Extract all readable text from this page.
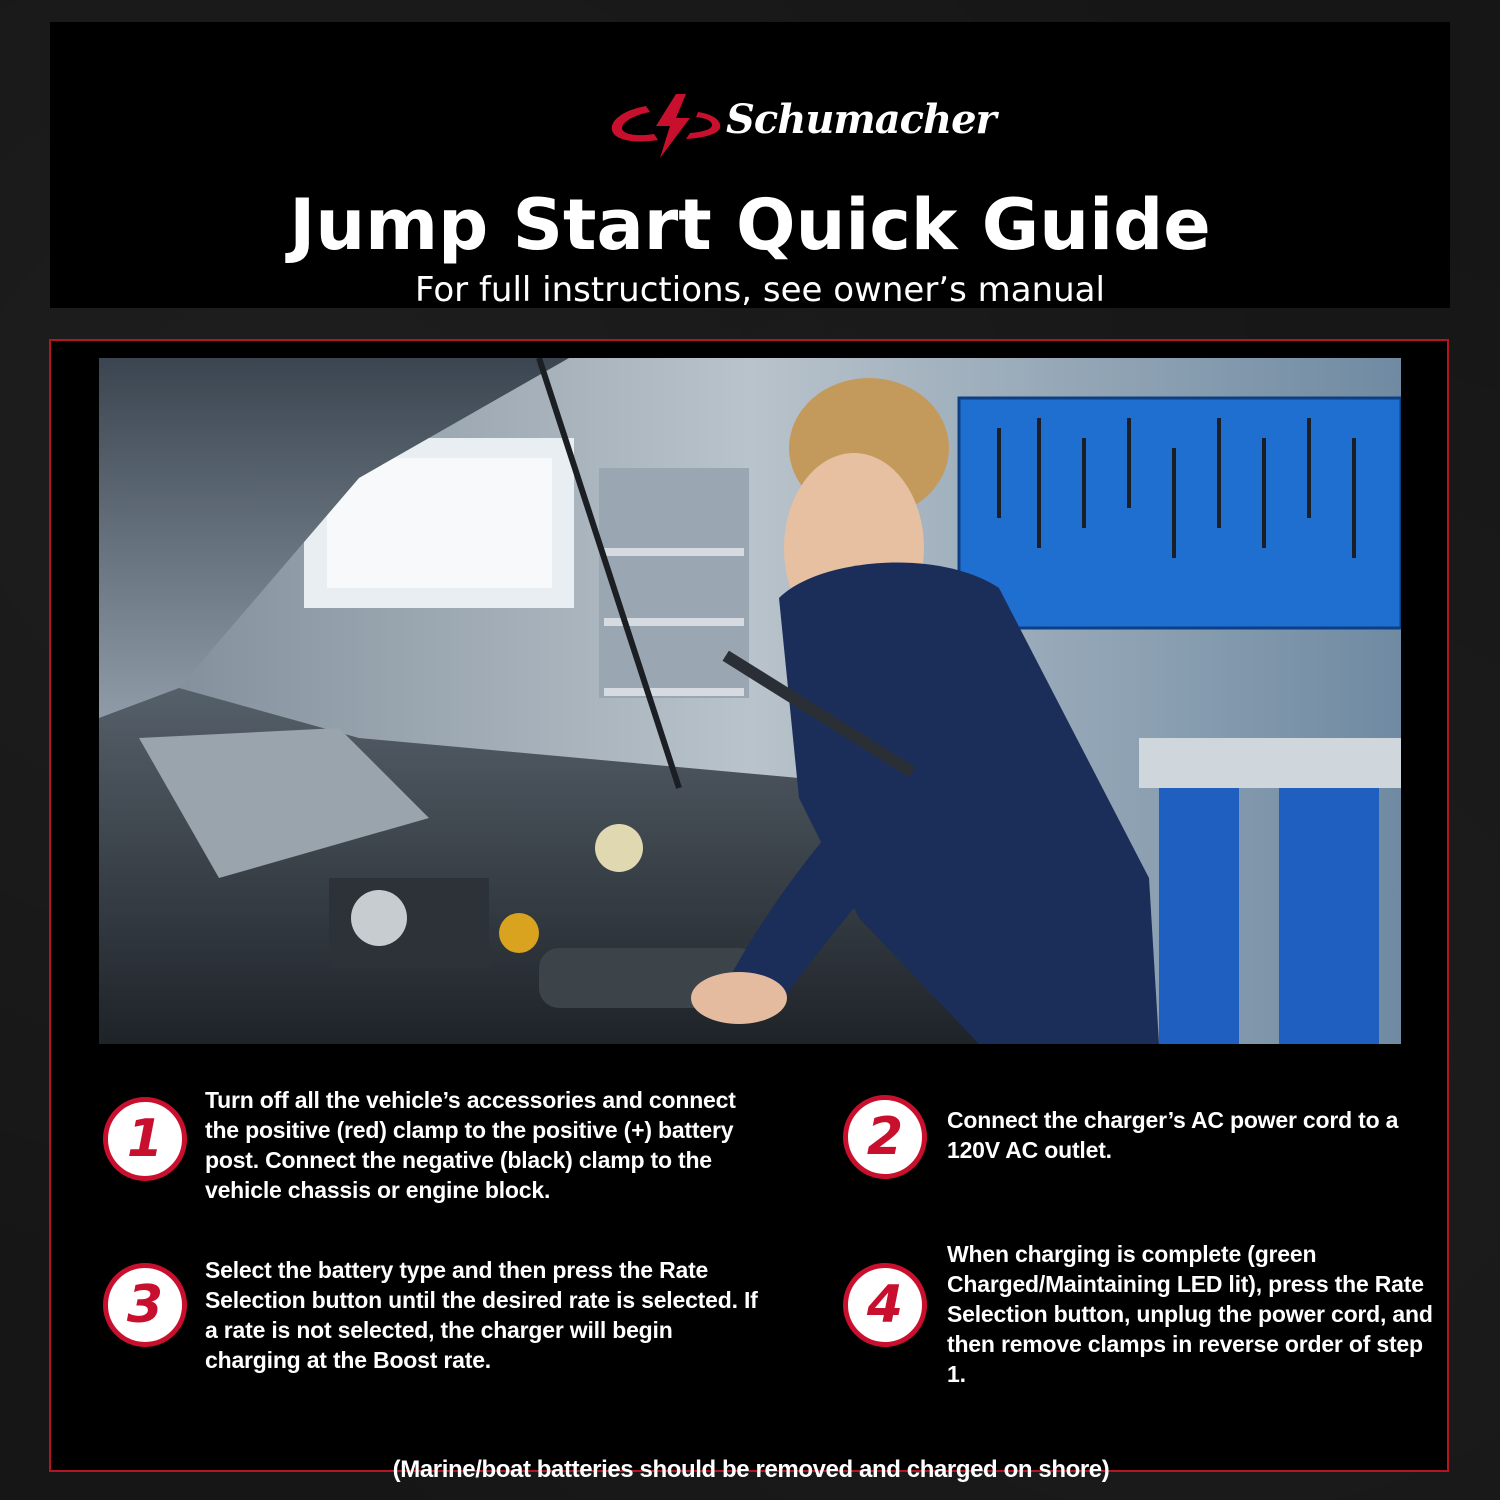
Schumacher
Jump Start Quick Guide
For full instructions, see owner’s manual
1
Turn off all the vehicle’s accessories and connect the positive (red) clamp to the positive (+) battery post. Connect the negative (black) clamp to the vehicle chassis or engine block.
2	Connect the charger’s AC power cord to a 120V AC outlet.
3
Select the battery type and then press the Rate Selection button until the desired rate is selected. If a rate is not selected, the charger will begin charging at the Boost rate.
4
When charging is complete (green Charged/Maintaining LED lit), press the Rate Selection button, unplug the power cord, and then remove clamps in reverse order of step 1.
(Marine/boat batteries should be removed and charged on shore)
